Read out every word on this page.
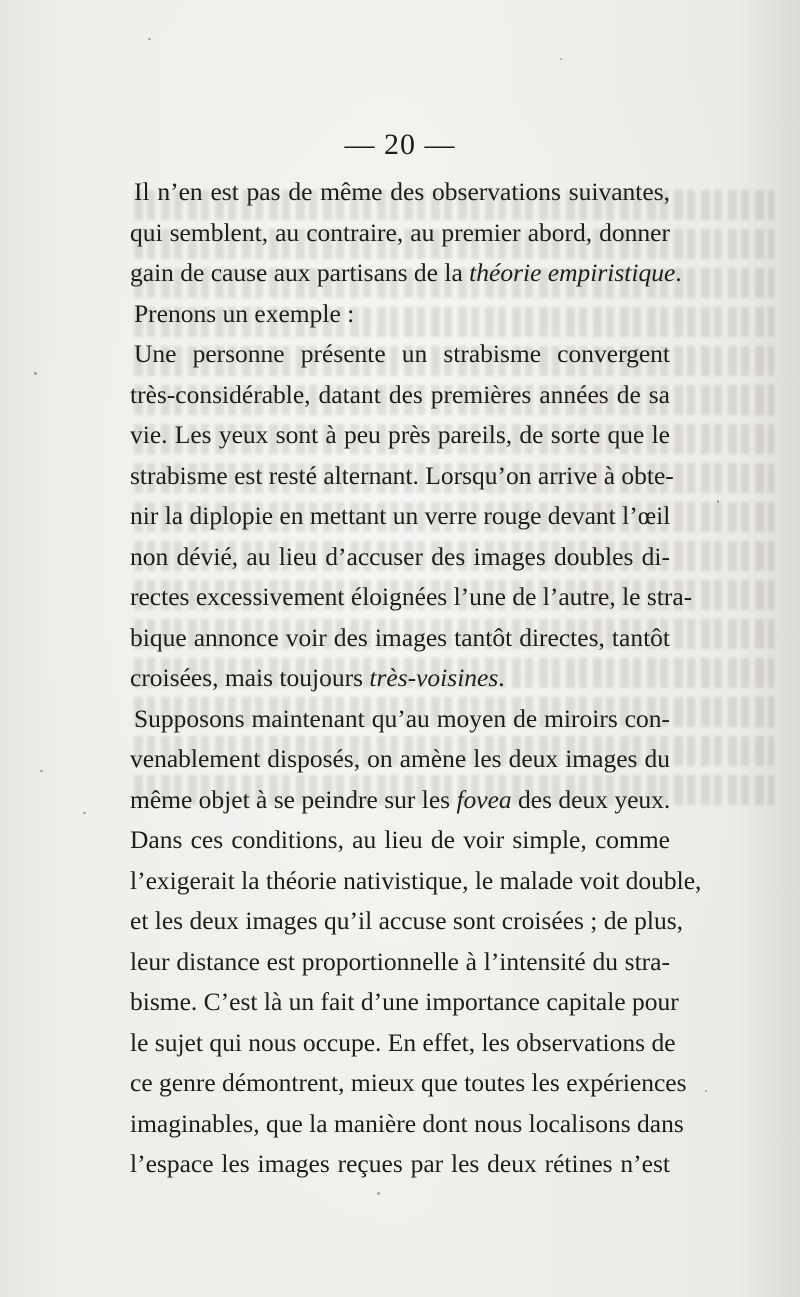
— 20 —
Il n’en est pas de même des observations suivantes,
qui semblent, au contraire, au premier abord, donner
gain de cause aux partisans de la théorie empiristique.
Prenons un exemple :
Une personne présente un strabisme convergent
très-considérable, datant des premières années de sa
vie. Les yeux sont à peu près pareils, de sorte que le
strabisme est resté alternant. Lorsqu’on arrive à obte-
nir la diplopie en mettant un verre rouge devant l’œil
non dévié, au lieu d’accuser des images doubles di-
rectes excessivement éloignées l’une de l’autre, le stra-
bique annonce voir des images tantôt directes, tantôt
croisées, mais toujours très-voisines.
Supposons maintenant qu’au moyen de miroirs con-
venablement disposés, on amène les deux images du
même objet à se peindre sur les fovea des deux yeux.
Dans ces conditions, au lieu de voir simple, comme
l’exigerait la théorie nativistique, le malade voit double,
et les deux images qu’il accuse sont croisées ; de plus,
leur distance est proportionnelle à l’intensité du stra-
bisme. C’est là un fait d’une importance capitale pour
le sujet qui nous occupe. En effet, les observations de
ce genre démontrent, mieux que toutes les expériences
imaginables, que la manière dont nous localisons dans
l’espace les images reçues par les deux rétines n’est
